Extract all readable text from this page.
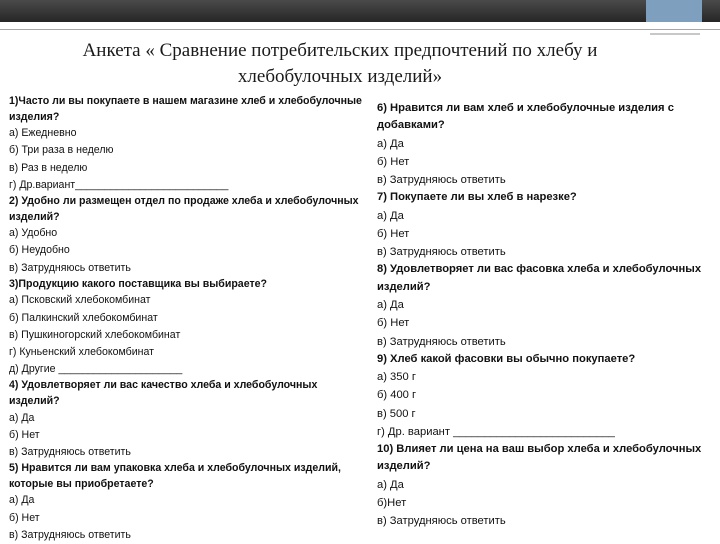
Анкета « Сравнение потребительских предпочтений по хлебу и
хлебобулочных изделий»

1)Часто ли вы покупаете в нашем магазине хлеб и хлебобулочные изделия?

а) Ежедневно

б) Три раза в неделю

в) Раз в неделю

г) Др.вариант__________________________

2) Удобно ли размещен отдел по продаже хлеба и хлебобулочных изделий?

а) Удобно

б) Неудобно

в) Затрудняюсь ответить

3)Продукцию какого поставщика вы выбираете?

а) Псковский хлебокомбинат

б) Палкинский хлебокомбинат

в) Пушкиногорский хлебокомбинат

г) Куньенский хлебокомбинат

д) Другие _____________________

4) Удовлетворяет ли вас качество хлеба и хлебобулочных изделий?

а) Да

б) Нет

в) Затрудняюсь ответить

5) Нравится ли вам упаковка хлеба и хлебобулочных изделий, которые вы приобретаете?

а) Да

б) Нет

в) Затрудняюсь ответить

6) Нравится ли вам хлеб и хлебобулочные изделия с добавками?

а) Да

б) Нет

в) Затрудняюсь ответить

7) Покупаете ли вы хлеб в нарезке?

а) Да

б) Нет

в) Затрудняюсь ответить

8) Удовлетворяет ли вас фасовка хлеба и хлебобулочных изделий?

а) Да

б) Нет

в) Затрудняюсь ответить

9) Хлеб какой фасовки вы обычно покупаете?

а) 350 г

б) 400 г

в) 500 г

г) Др. вариант __________________________

10) Влияет ли цена на ваш выбор хлеба и хлебобулочных изделий?

а) Да

б)Нет

в) Затрудняюсь ответить
